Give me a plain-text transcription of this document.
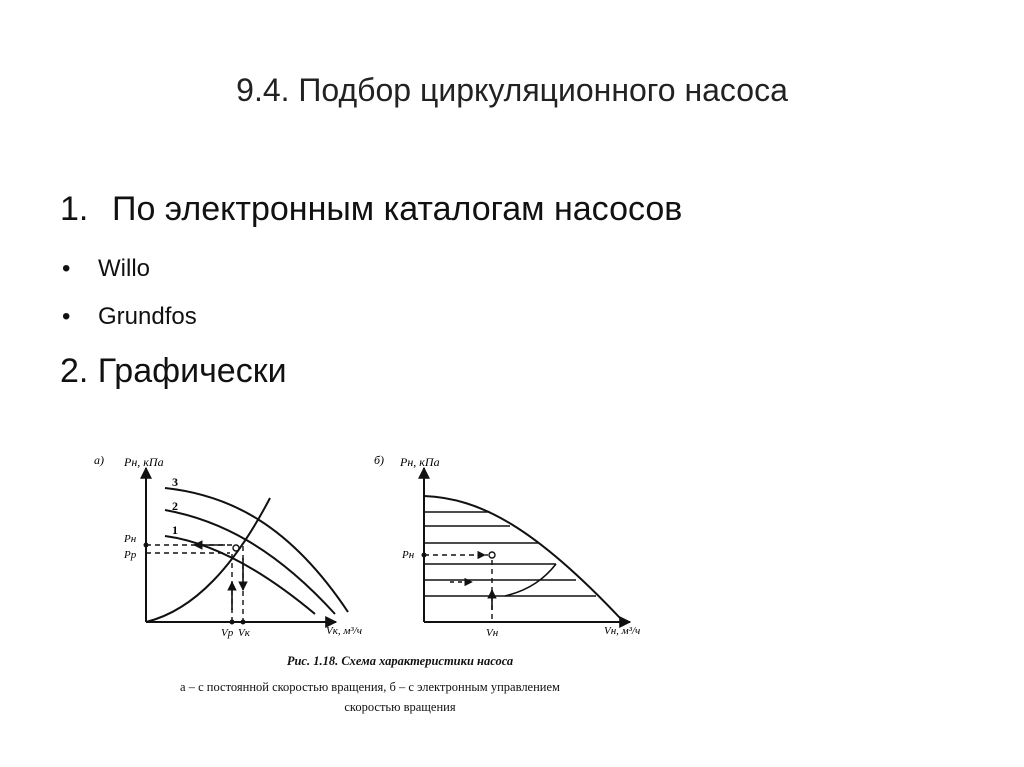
9.4. Подбор циркуляционного насоса
1. По электронным каталогам насосов
• Willo
• Grundfos
2. Графически
а) Pн, кПа
Vк, м³/ч
3
2
1
Pн
Pр
Vр Vк
б) Pн, кПа
Vн, м³/ч
Pн
Vн
Рис. 1.18. Схема характеристики насоса
а – с постоянной скоростью вращения, б – с электронным управлением
скоростью вращения
